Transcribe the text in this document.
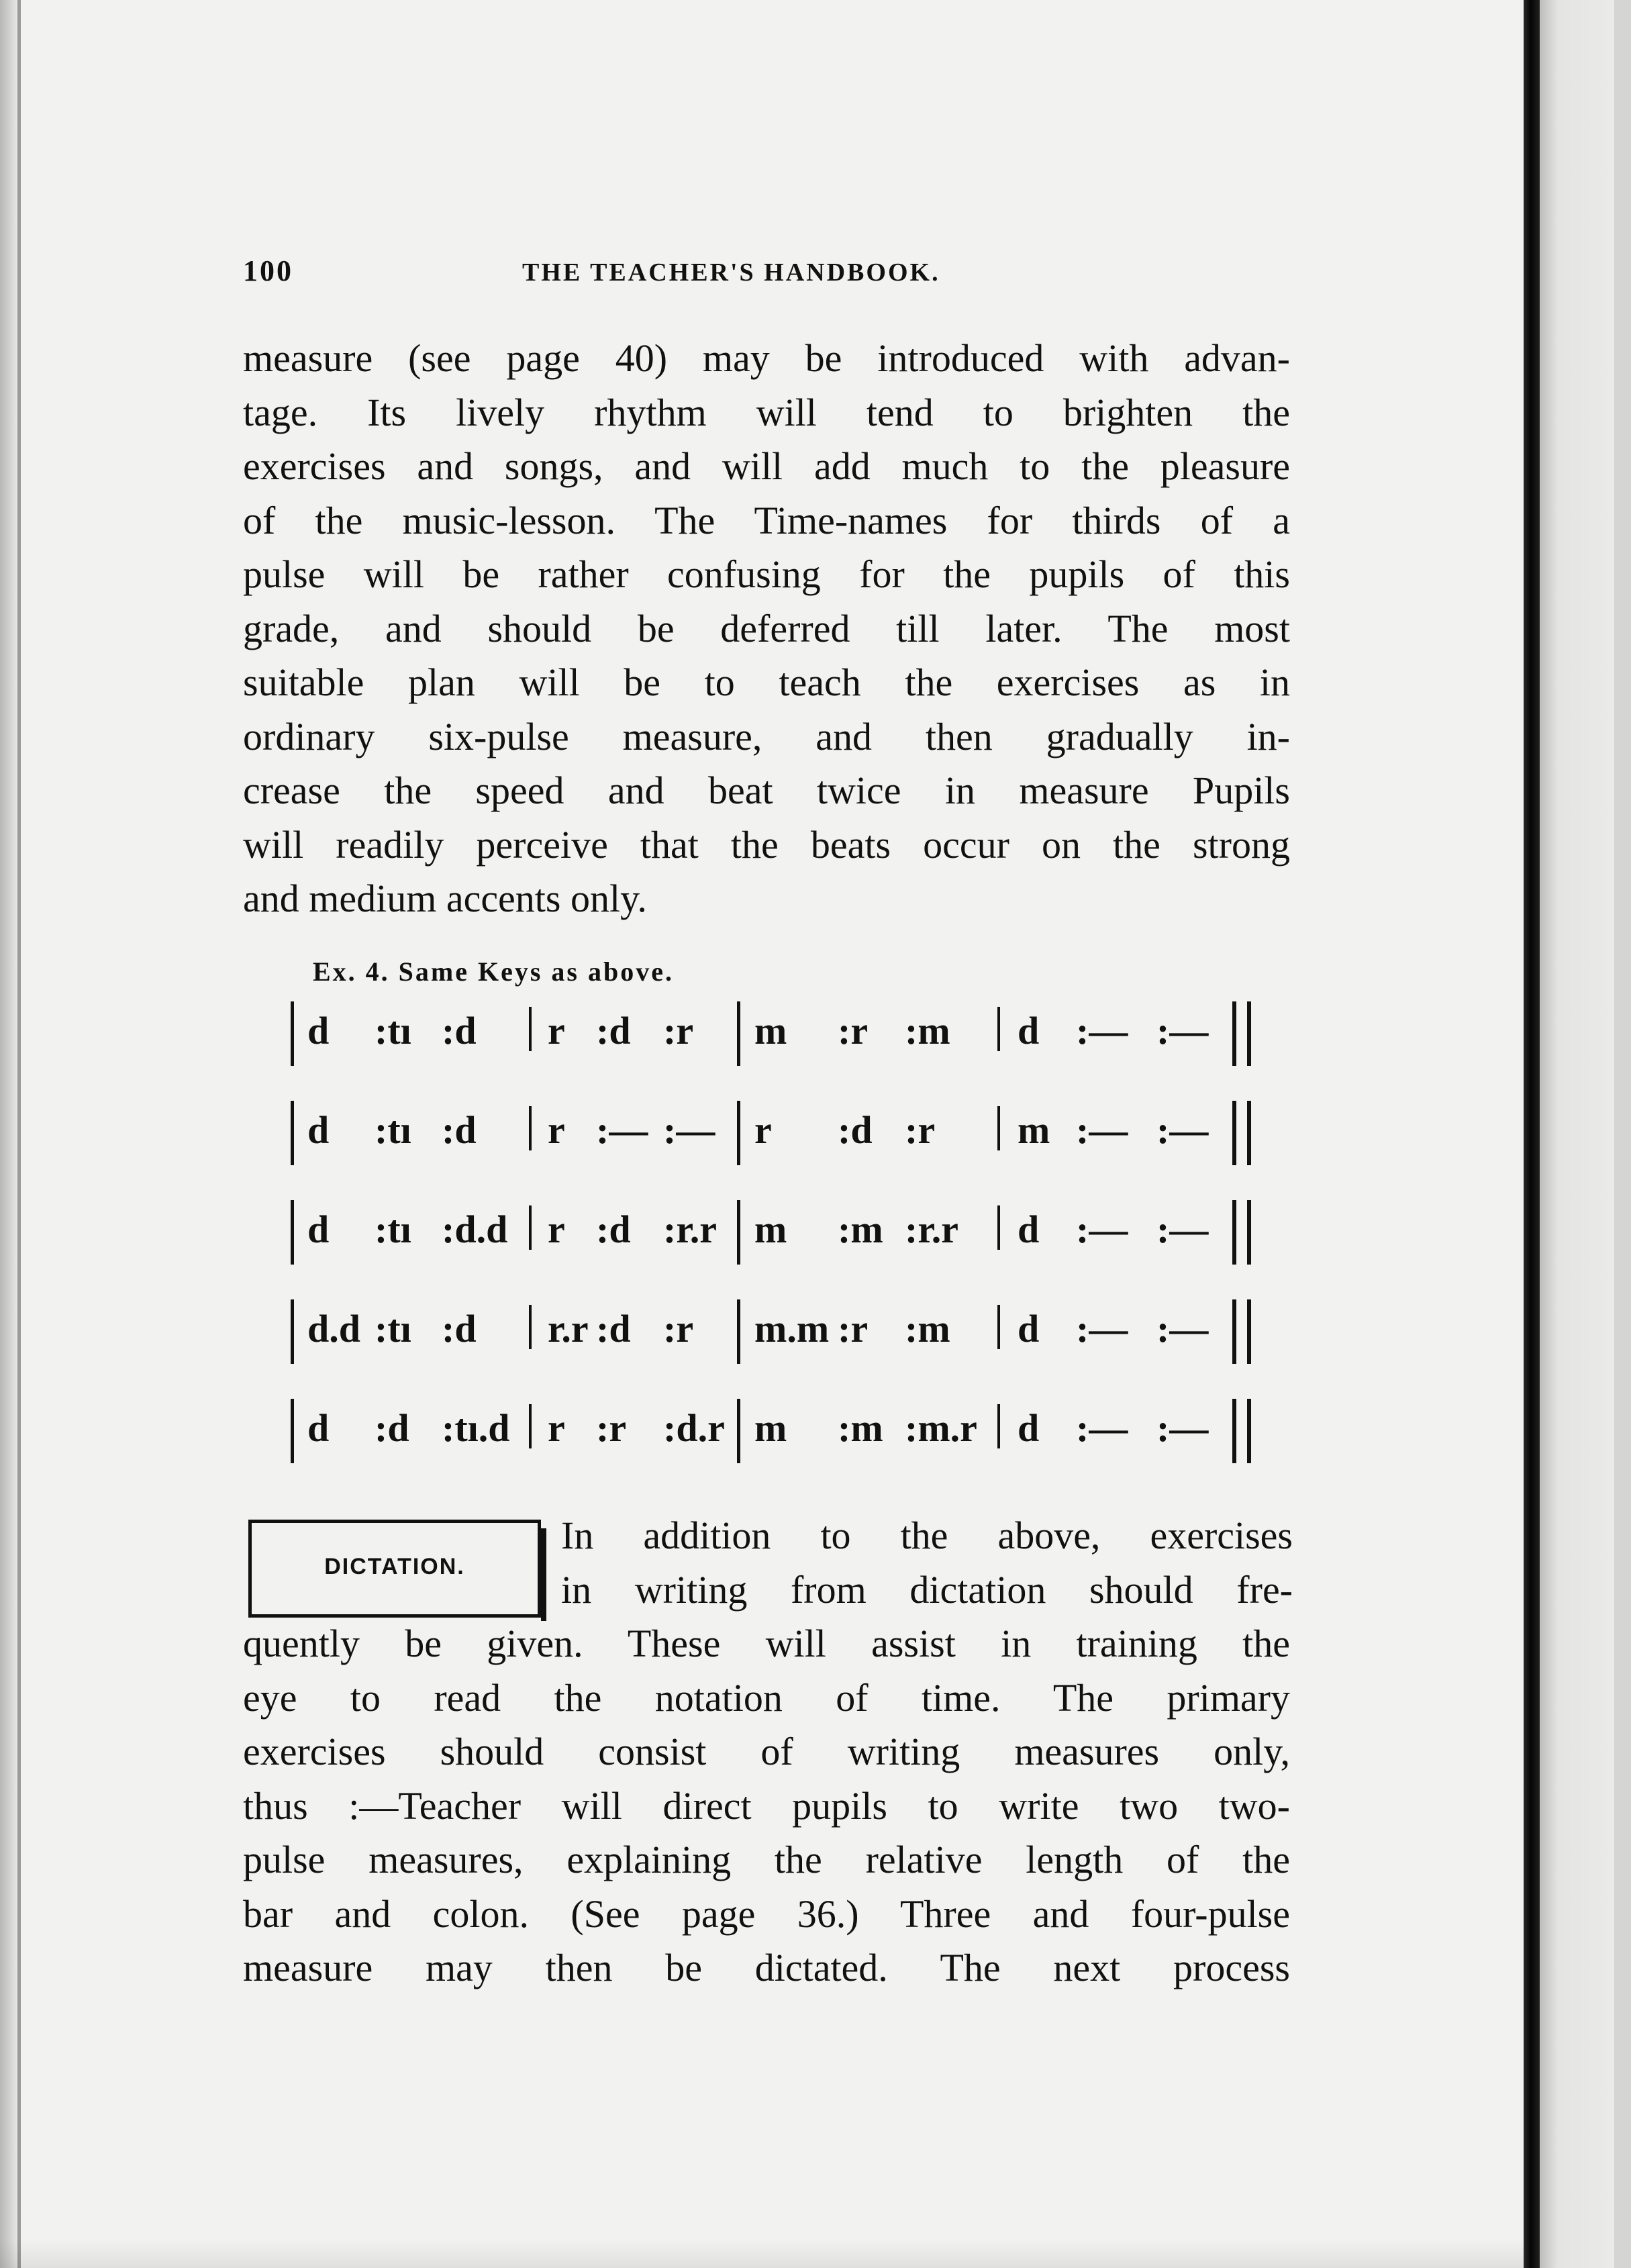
100	THE TEACHER'S HANDBOOK.
measure (see page 40) may be introduced with advan-
tage. Its lively rhythm will tend to brighten the
exercises and songs, and will add much to the pleasure
of the music-lesson. The Time-names for thirds of a
pulse will be rather confusing for the pupils of this
grade, and should be deferred till later. The most
suitable plan will be to teach the exercises as in
ordinary six-pulse measure, and then gradually in-
crease the speed and beat twice in measure Pupils
will readily perceive that the beats occur on the strong
and medium accents only.
Ex. 4. Same Keys as above.
d :tı :d r :d :r m :r :m d :— :—
d :tı :d r :— :— r :d :r m :— :—
d :tı :d.d r :d :r.r m :m :r.r d :— :—
d.d :tı :d r.r :d :r m.m :r :m d :— :—
d :d :tı.d r :r :d.r m :m :m.r d :— :—
DICTATION.
In addition to the above, exercises
in writing from dictation should fre-
quently be given. These will assist in training the
eye to read the notation of time. The primary
exercises should consist of writing measures only,
thus :—Teacher will direct pupils to write two two-
pulse measures, explaining the relative length of the
bar and colon. (See page 36.) Three and four-pulse
measure may then be dictated. The next process
